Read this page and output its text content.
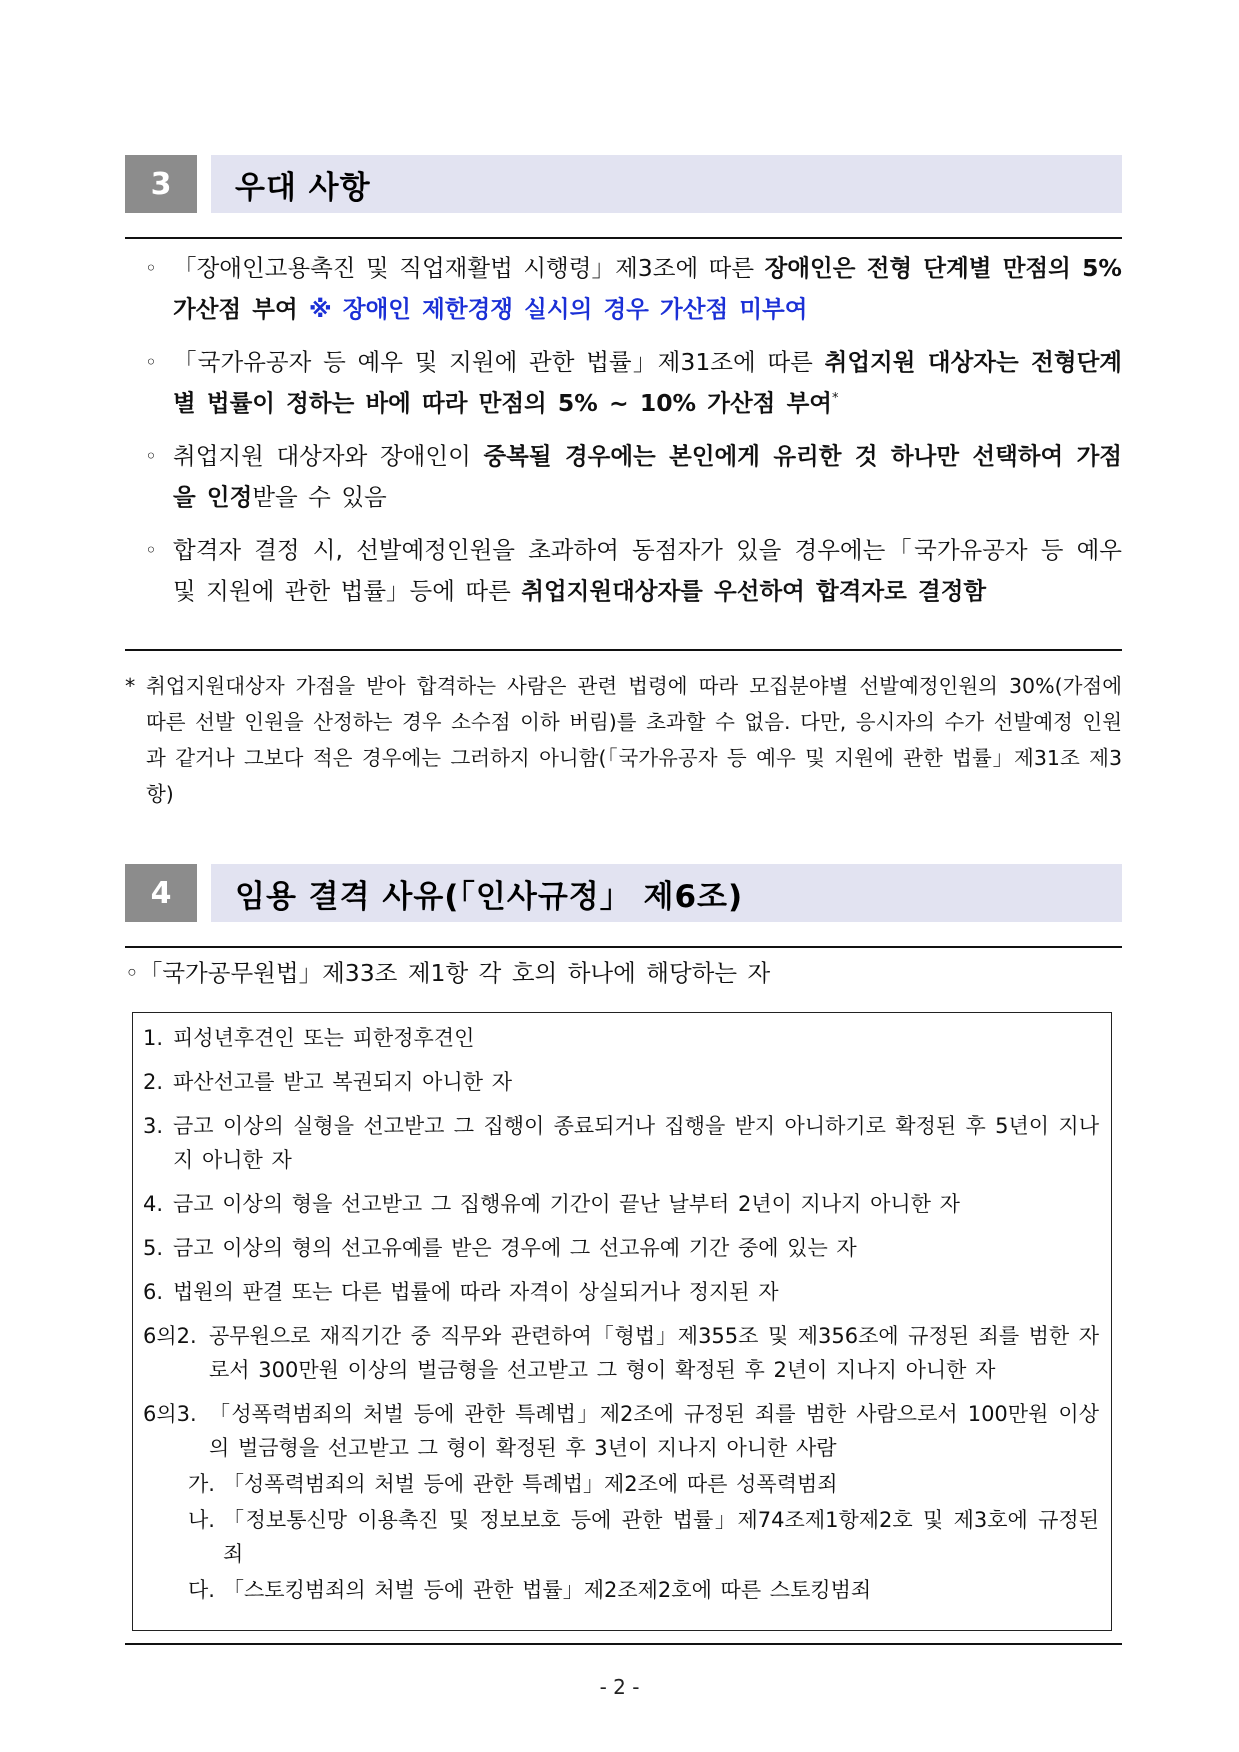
3	우대 사항
◦ 「장애인고용촉진 및 직업재활법 시행령」제3조에 따른 장애인은 전형 단계별 만점의 5% 가산점 부여 ※ 장애인 제한경쟁 실시의 경우 가산점 미부여
◦ 「국가유공자 등 예우 및 지원에 관한 법률」제31조에 따른 취업지원 대상자는 전형단계별 법률이 정하는 바에 따라 만점의 5% ~ 10% 가산점 부여*
◦ 취업지원 대상자와 장애인이 중복될 경우에는 본인에게 유리한 것 하나만 선택하여 가점을 인정받을 수 있음
◦ 합격자 결정 시, 선발예정인원을 초과하여 동점자가 있을 경우에는「국가유공자 등 예우 및 지원에 관한 법률」등에 따른 취업지원대상자를 우선하여 합격자로 결정함
* 취업지원대상자 가점을 받아 합격하는 사람은 관련 법령에 따라 모집분야별 선발예정인원의 30%(가점에 따른 선발 인원을 산정하는 경우 소수점 이하 버림)를 초과할 수 없음. 다만, 응시자의 수가 선발예정 인원과 같거나 그보다 적은 경우에는 그러하지 아니함(「국가유공자 등 예우 및 지원에 관한 법률」제31조 제3항)
4	임용 결격 사유(「인사규정」 제6조)
◦「국가공무원법」제33조 제1항 각 호의 하나에 해당하는 자
1. 피성년후견인 또는 피한정후견인
2. 파산선고를 받고 복권되지 아니한 자
3. 금고 이상의 실형을 선고받고 그 집행이 종료되거나 집행을 받지 아니하기로 확정된 후 5년이 지나지 아니한 자
4. 금고 이상의 형을 선고받고 그 집행유예 기간이 끝난 날부터 2년이 지나지 아니한 자
5. 금고 이상의 형의 선고유예를 받은 경우에 그 선고유예 기간 중에 있는 자
6. 법원의 판결 또는 다른 법률에 따라 자격이 상실되거나 정지된 자
6의2. 공무원으로 재직기간 중 직무와 관련하여「형법」제355조 및 제356조에 규정된 죄를 범한 자로서 300만원 이상의 벌금형을 선고받고 그 형이 확정된 후 2년이 지나지 아니한 자
6의3. 「성폭력범죄의 처벌 등에 관한 특례법」제2조에 규정된 죄를 범한 사람으로서 100만원 이상의 벌금형을 선고받고 그 형이 확정된 후 3년이 지나지 아니한 사람
가. 「성폭력범죄의 처벌 등에 관한 특례법」제2조에 따른 성폭력범죄
나. 「정보통신망 이용촉진 및 정보보호 등에 관한 법률」제74조제1항제2호 및 제3호에 규정된 죄
다. 「스토킹범죄의 처벌 등에 관한 법률」제2조제2호에 따른 스토킹범죄
- 2 -
